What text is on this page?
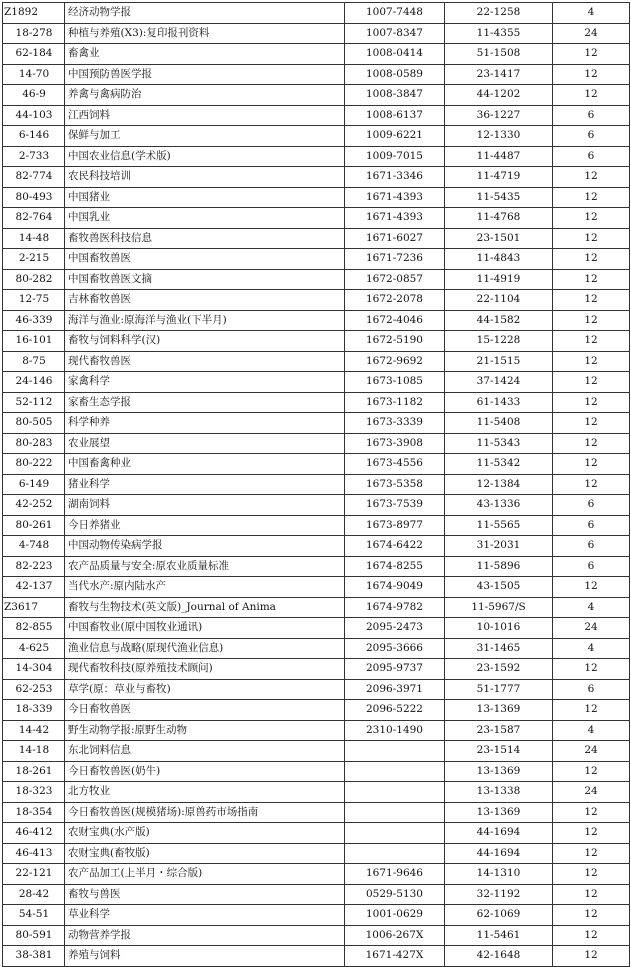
Z1892	经济动物学报	1007-7448	22-1258	4
18-278	种植与养殖(X3):复印报刊资料	1007-8347	11-4355	24
62-184	畜禽业	1008-0414	51-1508	12
14-70	中国预防兽医学报	1008-0589	23-1417	12
46-9	养禽与禽病防治	1008-3847	44-1202	12
44-103	江西饲料	1008-6137	36-1227	6
6-146	保鲜与加工	1009-6221	12-1330	6
2-733	中国农业信息(学术版)	1009-7015	11-4487	6
82-774	农民科技培训	1671-3346	11-4719	12
80-493	中国猪业	1671-4393	11-5435	12
82-764	中国乳业	1671-4393	11-4768	12
14-48	畜牧兽医科技信息	1671-6027	23-1501	12
2-215	中国畜牧兽医	1671-7236	11-4843	12
80-282	中国畜牧兽医文摘	1672-0857	11-4919	12
12-75	吉林畜牧兽医	1672-2078	22-1104	12
46-339	海洋与渔业:原海洋与渔业(下半月)	1672-4046	44-1582	12
16-101	畜牧与饲料科学(汉)	1672-5190	15-1228	12
8-75	现代畜牧兽医	1672-9692	21-1515	12
24-146	家禽科学	1673-1085	37-1424	12
52-112	家畜生态学报	1673-1182	61-1433	12
80-505	科学种养	1673-3339	11-5408	12
80-283	农业展望	1673-3908	11-5343	12
80-222	中国畜禽种业	1673-4556	11-5342	12
6-149	猪业科学	1673-5358	12-1384	12
42-252	湖南饲料	1673-7539	43-1336	6
80-261	今日养猪业	1673-8977	11-5565	6
4-748	中国动物传染病学报	1674-6422	31-2031	6
82-223	农产品质量与安全:原农业质量标准	1674-8255	11-5896	6
42-137	当代水产:原内陆水产	1674-9049	43-1505	12
Z3617	畜牧与生物技术(英文版)_Journal of Anima	1674-9782	11-5967/S	4
82-855	中国畜牧业(原中国牧业通讯)	2095-2473	10-1016	24
4-625	渔业信息与战略(原现代渔业信息)	2095-3666	31-1465	4
14-304	现代畜牧科技(原养殖技术顾问)	2095-9737	23-1592	12
62-253	草学(原：草业与畜牧)	2096-3971	51-1777	6
18-339	今日畜牧兽医	2096-5222	13-1369	12
14-42	野生动物学报:原野生动物	2310-1490	23-1587	4
14-18	东北饲料信息		23-1514	24
18-261	今日畜牧兽医(奶牛)		13-1369	12
18-323	北方牧业		13-1338	24
18-354	今日畜牧兽医(规模猪场):原兽药市场指南		13-1369	12
46-412	农财宝典(水产版)		44-1694	12
46-413	农财宝典(畜牧版)		44-1694	12
22-121	农产品加工(上半月・综合版)	1671-9646	14-1310	12
28-42	畜牧与兽医	0529-5130	32-1192	12
54-51	草业科学	1001-0629	62-1069	12
80-591	动物营养学报	1006-267X	11-5461	12
38-381	养殖与饲料	1671-427X	42-1648	12
